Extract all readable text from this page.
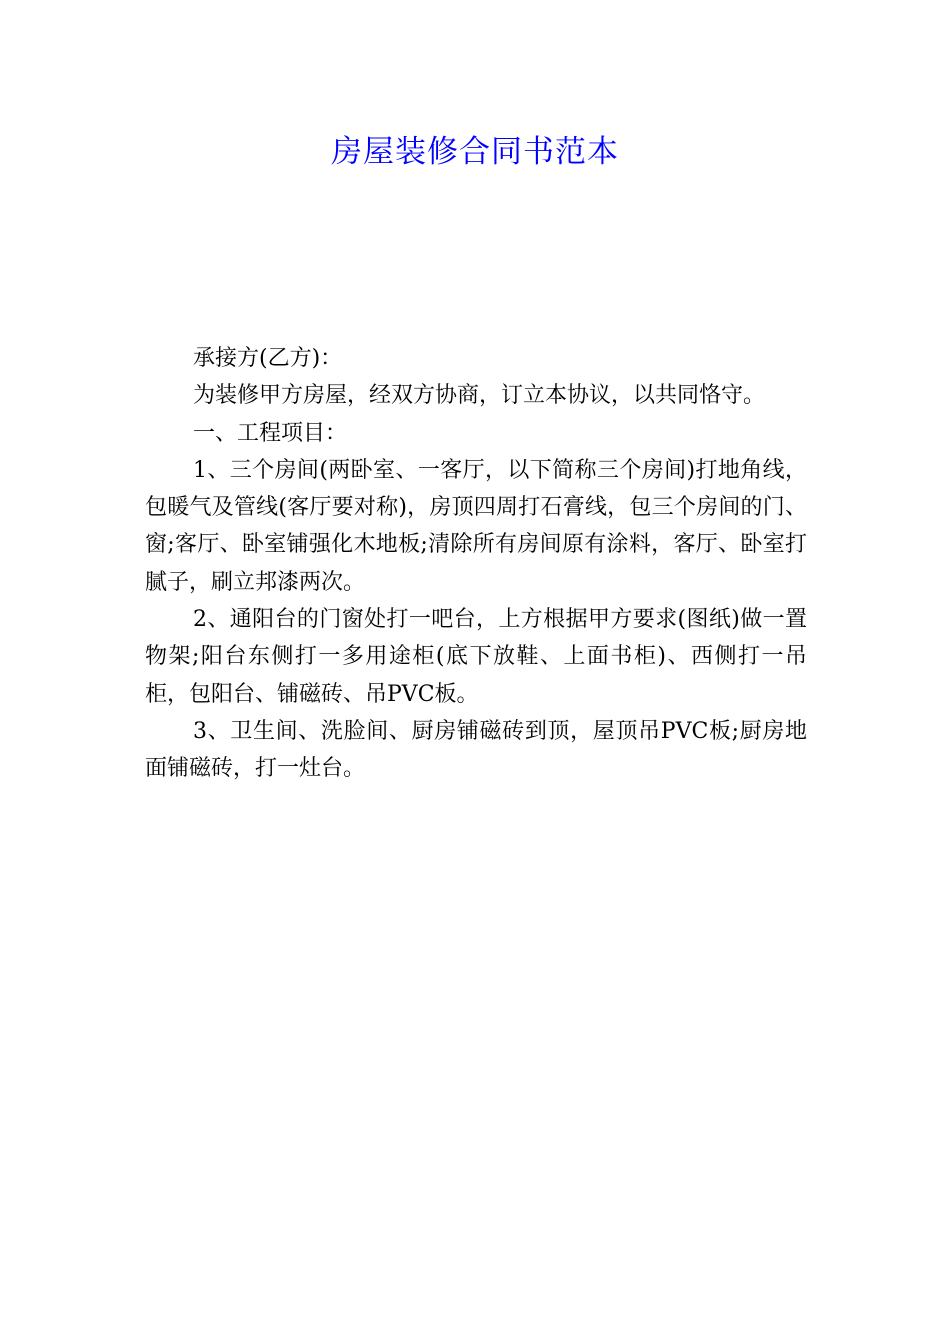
房屋装修合同书范本

承接方(乙方)：

为装修甲方房屋，经双方协商，订立本协议，以共同恪守。

一、工程项目：

1、三个房间(两卧室、一客厅，以下简称三个房间)打地角线，包暖气及管线(客厅要对称)，房顶四周打石膏线，包三个房间的门、窗;客厅、卧室铺强化木地板;清除所有房间原有涂料，客厅、卧室打腻子，刷立邦漆两次。

2、通阳台的门窗处打一吧台，上方根据甲方要求(图纸)做一置物架;阳台东侧打一多用途柜(底下放鞋、上面书柜)、西侧打一吊柜，包阳台、铺磁砖、吊PVC板。

3、卫生间、洗脸间、厨房铺磁砖到顶，屋顶吊PVC板;厨房地面铺磁砖，打一灶台。
